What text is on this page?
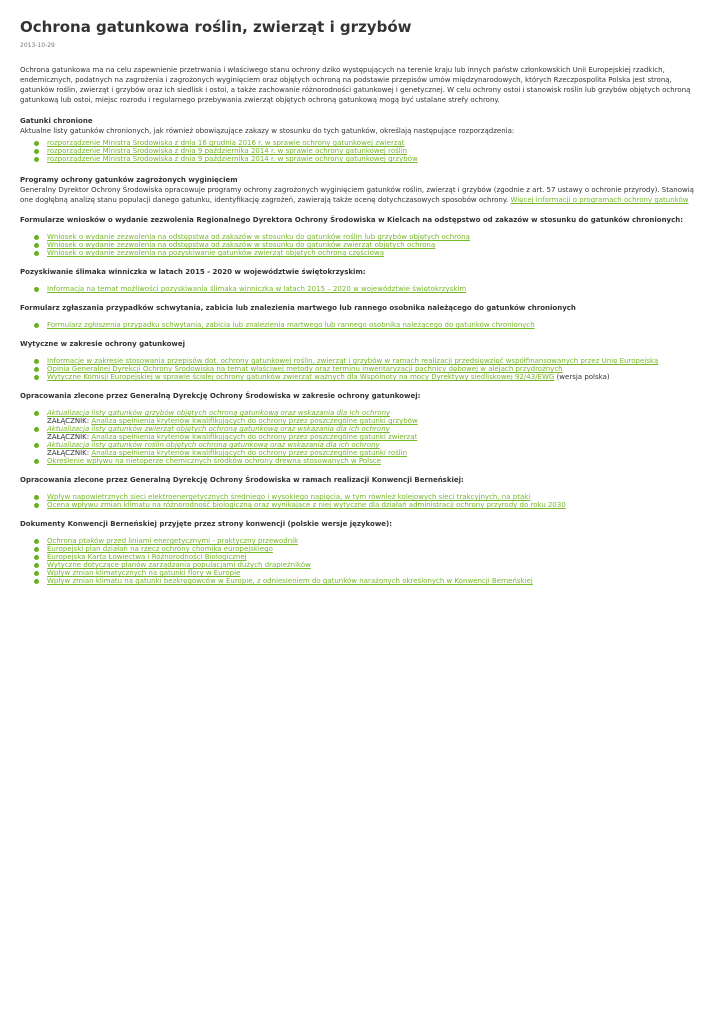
Ochrona gatunkowa roślin, zwierząt i grzybów
2013-10-29

Ochrona gatunkowa ma na celu zapewnienie przetrwania i właściwego stanu ochrony dziko występujących na terenie kraju lub innych państw członkowskich Unii Europejskiej rzadkich, endemicznych, podatnych na zagrożenia i zagrożonych wyginięciem oraz objętych ochroną na podstawie przepisów umów międzynarodowych, których Rzeczpospolita Polska jest stroną, gatunków roślin, zwierząt i grzybów oraz ich siedlisk i ostoi, a także zachowanie różnorodności gatunkowej i genetycznej. W celu ochrony ostoi i stanowisk roślin lub grzybów objętych ochroną gatunkową lub ostoi, miejsc rozrodu i regularnego przebywania zwierząt objętych ochroną gatunkową mogą być ustalane strefy ochrony.

Gatunki chronione

Aktualne listy gatunków chronionych, jak również obowiązujące zakazy w stosunku do tych gatunków, określają następujące rozporządzenia:

rozporządzenie Ministra Środowiska z dnia 16 grudnia 2016 r. w sprawie ochrony gatunkowej zwierząt
rozporządzenie Ministra Środowiska z dnia 9 października 2014 r. w sprawie ochrony gatunkowej roślin
rozporządzenie Ministra Środowiska z dnia 9 października 2014 r. w sprawie ochrony gatunkowej grzybów
Programy ochrony gatunków zagrożonych wyginięciem

Generalny Dyrektor Ochrony Środowiska opracowuje programy ochrony zagrożonych wyginięciem gatunków roślin, zwierząt i grzybów (zgodnie z art. 57 ustawy o ochronie przyrody). Stanowią one dogłębną analizę stanu populacji danego gatunku, identyfikację zagrożeń, zawierają także ocenę dotychczasowych sposobów ochrony. Więcej informacji o programach ochrony gatunków

Formularze wniosków o wydanie zezwolenia Regionalnego Dyrektora Ochrony Środowiska w Kielcach na odstępstwo od zakazów w stosunku do gatunków chronionych:
Wniosek o wydanie zezwolenia na odstępstwa od zakazów w stosunku do gatunków roślin lub grzybów objętych ochroną
Wniosek o wydanie zezwolenia na odstępstwa od zakazów w stosunku do gatunków zwierząt objętych ochroną
Wniosek o wydanie zezwolenia na pozyskiwanie gatunków zwierząt objętych ochroną częściową
Pozyskiwanie ślimaka winniczka w latach 2015 - 2020 w województwie świętokrzyskim:
Informacja na temat możliwości pozyskiwania ślimaka winniczka w latach 2015 – 2020 w województwie świętokrzyskim
Formularz zgłaszania przypadków schwytania, zabicia lub znalezienia martwego lub rannego osobnika należącego do gatunków chronionych
Formularz zgłoszenia przypadku schwytania, zabicia lub znalezienia martwego lub rannego osobnika należącego do gatunków chronionych
Wytyczne w zakresie ochrony gatunkowej
Informacje w zakresie stosowania przepisów dot. ochrony gatunkowej roślin, zwierząt i grzybów w ramach realizacji przedsięwzięć współfinansowanych przez Unię Europejską
Opinia Generalnej Dyrekcji Ochrony Środowiska na temat właściwej metody oraz terminu inwentaryzacji pachnicy dębowej w alejach przydrożnych
Wytyczne Komisji Europejskiej w sprawie ścisłej ochrony gatunków zwierząt ważnych dla Wspólnoty na mocy Dyrektywy siedliskowej 92/43/EWG (wersja polska)
Opracowania zlecone przez Generalną Dyrekcję Ochrony Środowiska w zakresie ochrony gatunkowej:
Aktualizacja listy gatunków grzybów objętych ochroną gatunkową oraz wskazania dla ich ochrony
ZAŁĄCZNIK: Analiza spełnienia kryteriów kwalifikujących do ochrony przez poszczególne gatunki grzybów
Aktualizacja listy gatunków zwierząt objętych ochroną gatunkową oraz wskazania dla ich ochrony
ZAŁĄCZNIK: Analiza spełnienia kryteriów kwalifikujących do ochrony przez poszczególne gatunki zwierząt
Aktualizacja listy gatunków roślin objętych ochroną gatunkową oraz wskazania dla ich ochrony
ZAŁĄCZNIK: Analiza spełnienia kryteriów kwalifikujących do ochrony przez poszczególne gatunki roślin
Określenie wpływu na nietoperze chemicznych środków ochrony drewna stosowanych w Polsce
Opracowania zlecone przez Generalną Dyrekcję Ochrony Środowiska w ramach realizacji Konwencji Berneńskiej:
Wpływ napowietrznych sieci elektroenergetycznych średniego i wysokiego napięcia, w tym również kolejowych sieci trakcyjnych, na ptaki
Ocena wpływu zmian klimatu na różnorodność biologiczną oraz wynikające z niej wytyczne dla działań administracji ochrony przyrody do roku 2030
Dokumenty Konwencji Berneńskiej przyjęte przez strony konwencji (polskie wersje językowe):
Ochrona ptaków przed liniami energetycznymi - praktyczny przewodnik
Europejski plan działań na rzecz ochrony chomika europejskiego
Europejska Karta Łowiectwa i Różnorodności Biologicznej
Wytyczne dotyczące planów zarządzania populacjami dużych drapieżników
Wpływ zmian klimatycznych na gatunki flory w Europie
Wpływ zmian klimatu na gatunki bezkręgowców w Europie, z odniesieniem do gatunków narażonych określonych w Konwencji Berneńskiej
